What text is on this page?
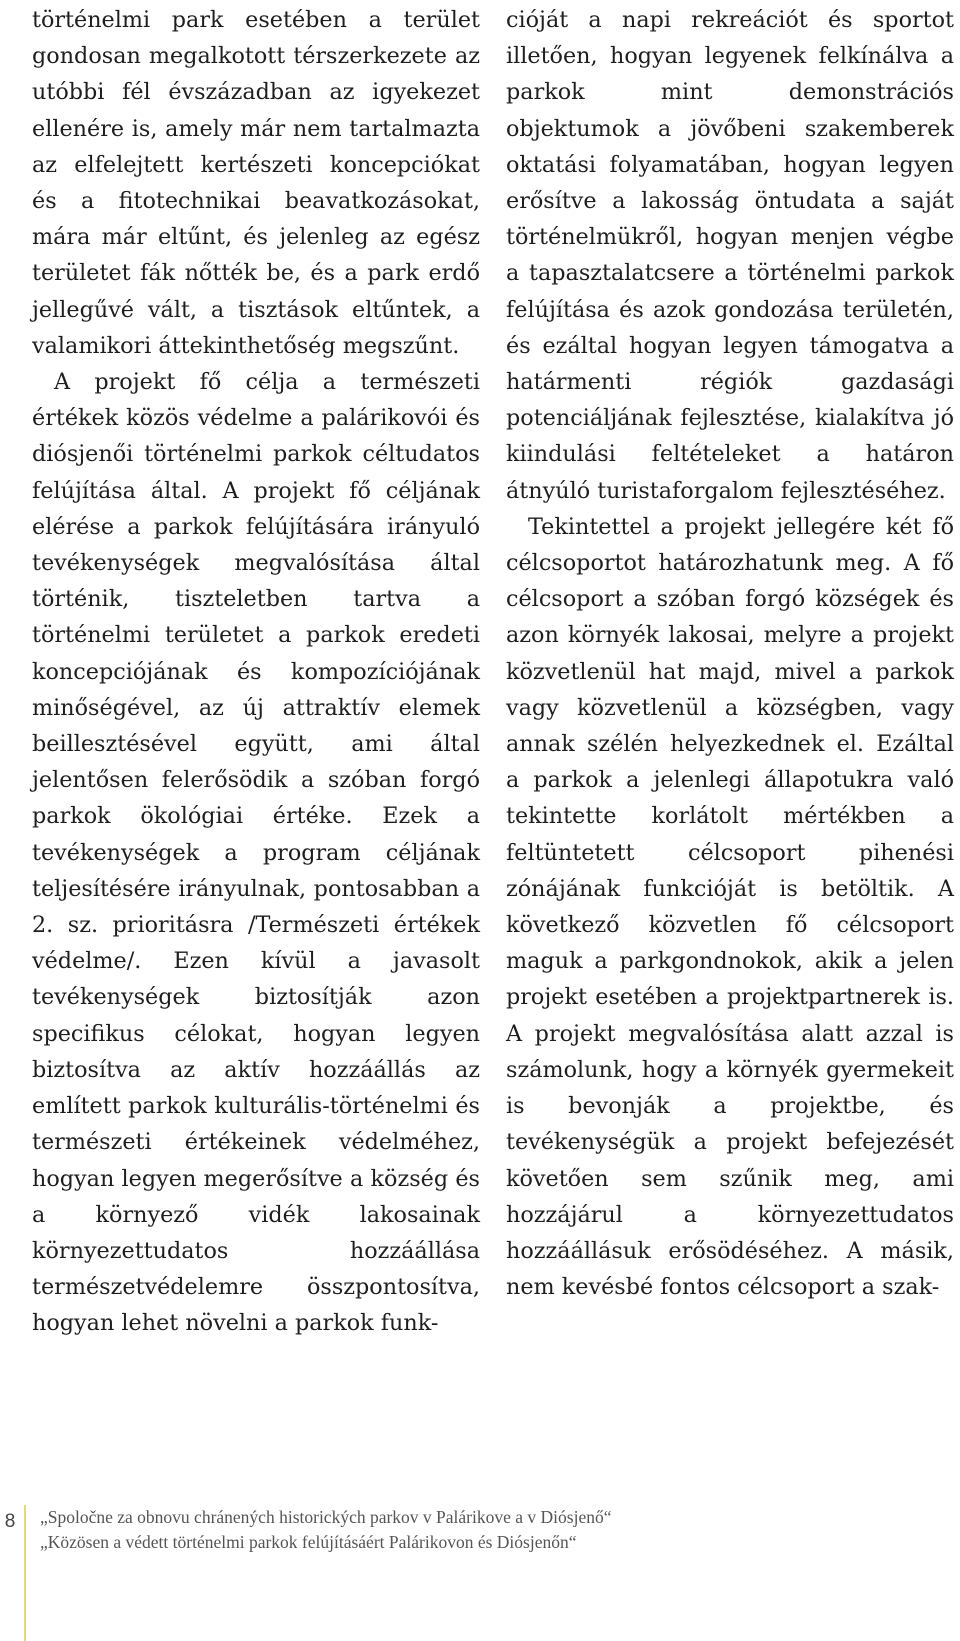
történelmi park esetében a terület gondosan megalkotott térszerkezete az utóbbi fél évszázadban az igyekezet ellenére is, amely már nem tartalmazta az elfelejtett kertészeti koncepciókat és a fitotechnikai beavatkozásokat, mára már eltűnt, és jelenleg az egész területet fák nőtték be, és a park erdő jellegűvé vált, a tisztások eltűntek, a valamikori áttekinthetőség megszűnt.

A projekt fő célja a természeti értékek közös védelme a palárikovói és diósjenői történelmi parkok céltudatos felújítása által. A projekt fő céljának elérése a parkok felújítására irányuló tevékenységek megvalósítása által történik, tiszteletben tartva a történelmi területet a parkok eredeti koncepciójának és kompozíciójának minőségével, az új attraktív elemek beillesztésével együtt, ami által jelentősen felerősödik a szóban forgó parkok ökológiai értéke. Ezek a tevékenységek a program céljának teljesítésére irányulnak, pontosabban a 2. sz. prioritásra /Természeti értékek védelme/. Ezen kívül a javasolt tevékenységek biztosítják azon specifikus célokat, hogyan legyen biztosítva az aktív hozzáállás az említett parkok kulturális-történelmi és természeti értékeinek védelméhez, hogyan legyen megerősítve a község és a környező vidék lakosainak környezettudatos hozzáállása természetvédelemre összpontosítva, hogyan lehet növelni a parkok funk-

cióját a napi rekreációt és sportot illetően, hogyan legyenek felkínálva a parkok mint demonstrációs objektumok a jövőbeni szakemberek oktatási folyamatában, hogyan legyen erősítve a lakosság öntudata a saját történelmükről, hogyan menjen végbe a tapasztalatcsere a történelmi parkok felújítása és azok gondozása területén, és ezáltal hogyan legyen támogatva a határmenti régiók gazdasági potenciáljának fejlesztése, kialakítva jó kiindulási feltételeket a határon átnyúló turistaforgalom fejlesztéséhez.

Tekintettel a projekt jellegére két fő célcsoportot határozhatunk meg. A fő célcsoport a szóban forgó községek és azon környék lakosai, melyre a projekt közvetlenül hat majd, mivel a parkok vagy közvetlenül a községben, vagy annak szélén helyezkednek el. Ezáltal a parkok a jelenlegi állapotukra való tekintette korlátolt mértékben a feltüntetett célcsoport pihenési zónájának funkcióját is betöltik. A következő közvetlen fő célcsoport maguk a parkgondnokok, akik a jelen projekt esetében a projektpartnerek is. A projekt megvalósítása alatt azzal is számolunk, hogy a környék gyermekeit is bevonják a projektbe, és tevékenységük a projekt befejezését követően sem szűnik meg, ami hozzájárul a környezettudatos hozzáállásuk erősödéséhez. A másik, nem kevésbé fontos célcsoport a szak-

8 „Spoločne za obnovu chránených historických parkov v Palárikove a v Diósjenő“
„Közösen a védett történelmi parkok felújításáért Palárikovon és Diósjenőn“
